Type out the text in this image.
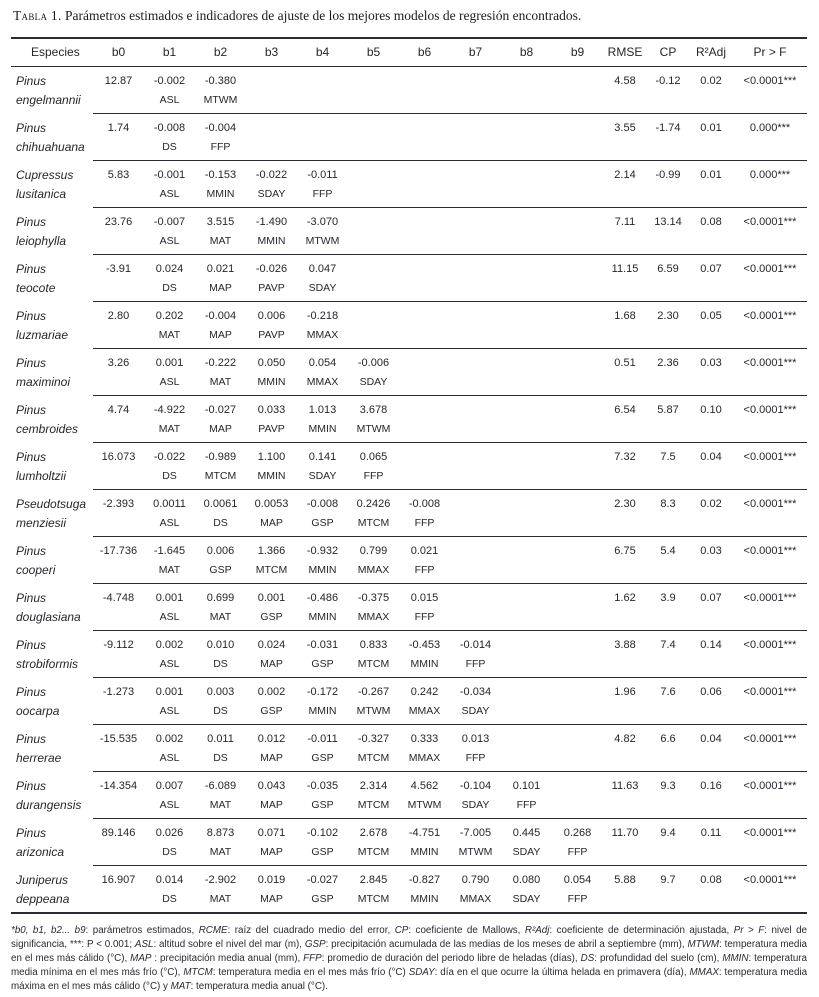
Tabla 1. Parámetros estimados e indicadores de ajuste de los mejores modelos de regresión encontrados.

Especies	b0	b1	b2	b3	b4	b5	b6	b7	b8	b9	RMSE	CP	R²Adj	Pr > F
Pinus	12.87	-0.002	-0.380								4.58	-0.12	0.02	<0.0001***
engelmannii		ASL	MTWM											
Pinus	1.74	-0.008	-0.004								3.55	-1.74	0.01	0.000***
chihuahuana		DS	FFP											
Cupressus	5.83	-0.001	-0.153	-0.022	-0.011						2.14	-0.99	0.01	0.000***
lusitanica		ASL	MMIN	SDAY	FFP									
Pinus	23.76	-0.007	3.515	-1.490	-3.070						7.11	13.14	0.08	<0.0001***
leiophylla		ASL	MAT	MMIN	MTWM									
Pinus	-3.91	0.024	0.021	-0.026	0.047						11.15	6.59	0.07	<0.0001***
teocote		DS	MAP	PAVP	SDAY									
Pinus	2.80	0.202	-0.004	0.006	-0.218						1.68	2.30	0.05	<0.0001***
luzmariae		MAT	MAP	PAVP	MMAX									
Pinus	3.26	0.001	-0.222	0.050	0.054	-0.006					0.51	2.36	0.03	<0.0001***
maximinoi		ASL	MAT	MMIN	MMAX	SDAY								
Pinus	4.74	-4.922	-0.027	0.033	1.013	3.678					6.54	5.87	0.10	<0.0001***
cembroides		MAT	MAP	PAVP	MMIN	MTWM								
Pinus	16.073	-0.022	-0.989	1.100	0.141	0.065					7.32	7.5	0.04	<0.0001***
lumholtzii		DS	MTCM	MMIN	SDAY	FFP								
Pseudotsuga	-2.393	0.0011	0.0061	0.0053	-0.008	0.2426	-0.008				2.30	8.3	0.02	<0.0001***
menziesii		ASL	DS	MAP	GSP	MTCM	FFP							
Pinus	-17.736	-1.645	0.006	1.366	-0.932	0.799	0.021				6.75	5.4	0.03	<0.0001***
cooperi		MAT	GSP	MTCM	MMIN	MMAX	FFP							
Pinus	-4.748	0.001	0.699	0.001	-0.486	-0.375	0.015				1.62	3.9	0.07	<0.0001***
douglasiana		ASL	MAT	GSP	MMIN	MMAX	FFP							
Pinus	-9.112	0.002	0.010	0.024	-0.031	0.833	-0.453	-0.014			3.88	7.4	0.14	<0.0001***
strobiformis		ASL	DS	MAP	GSP	MTCM	MMIN	FFP						
Pinus	-1.273	0.001	0.003	0.002	-0.172	-0.267	0.242	-0.034			1.96	7.6	0.06	<0.0001***
oocarpa		ASL	DS	GSP	MMIN	MTWM	MMAX	SDAY						
Pinus	-15.535	0.002	0.011	0.012	-0.011	-0.327	0.333	0.013			4.82	6.6	0.04	<0.0001***
herrerae		ASL	DS	MAP	GSP	MTCM	MMAX	FFP						
Pinus	-14.354	0.007	-6.089	0.043	-0.035	2.314	4.562	-0.104	0.101		11.63	9.3	0.16	<0.0001***
durangensis		ASL	MAT	MAP	GSP	MTCM	MTWM	SDAY	FFP					
Pinus	89.146	0.026	8.873	0.071	-0.102	2.678	-4.751	-7.005	0.445	0.268	11.70	9.4	0.11	<0.0001***
arizonica		DS	MAT	MAP	GSP	MTCM	MMIN	MTWM	SDAY	FFP				
Juniperus	16.907	0.014	-2.902	0.019	-0.027	2.845	-0.827	0.790	0.080	0.054	5.88	9.7	0.08	<0.0001***
deppeana		DS	MAT	MAP	GSP	MTCM	MMIN	MMAX	SDAY	FFP				

*b0, b1, b2... b9: parámetros estimados, RCME: raíz del cuadrado medio del error, CP: coeficiente de Mallows, R²Adj: coeficiente de determinación ajustada, Pr > F: nivel de significancia, ***: P < 0.001; ASL: altitud sobre el nivel del mar (m), GSP: precipitación acumulada de las medias de los meses de abril a septiembre (mm), MTWM: temperatura media en el mes más cálido (°C), MAP : precipitación media anual (mm), FFP: promedio de duración del periodo libre de heladas (días), DS: profundidad del suelo (cm), MMIN: temperatura media mínima en el mes más frío (°C), MTCM: temperatura media en el mes más frío (°C) SDAY: día en el que ocurre la última helada en primavera (día), MMAX: temperatura media máxima en el mes más cálido (°C) y MAT: temperatura media anual (°C).
